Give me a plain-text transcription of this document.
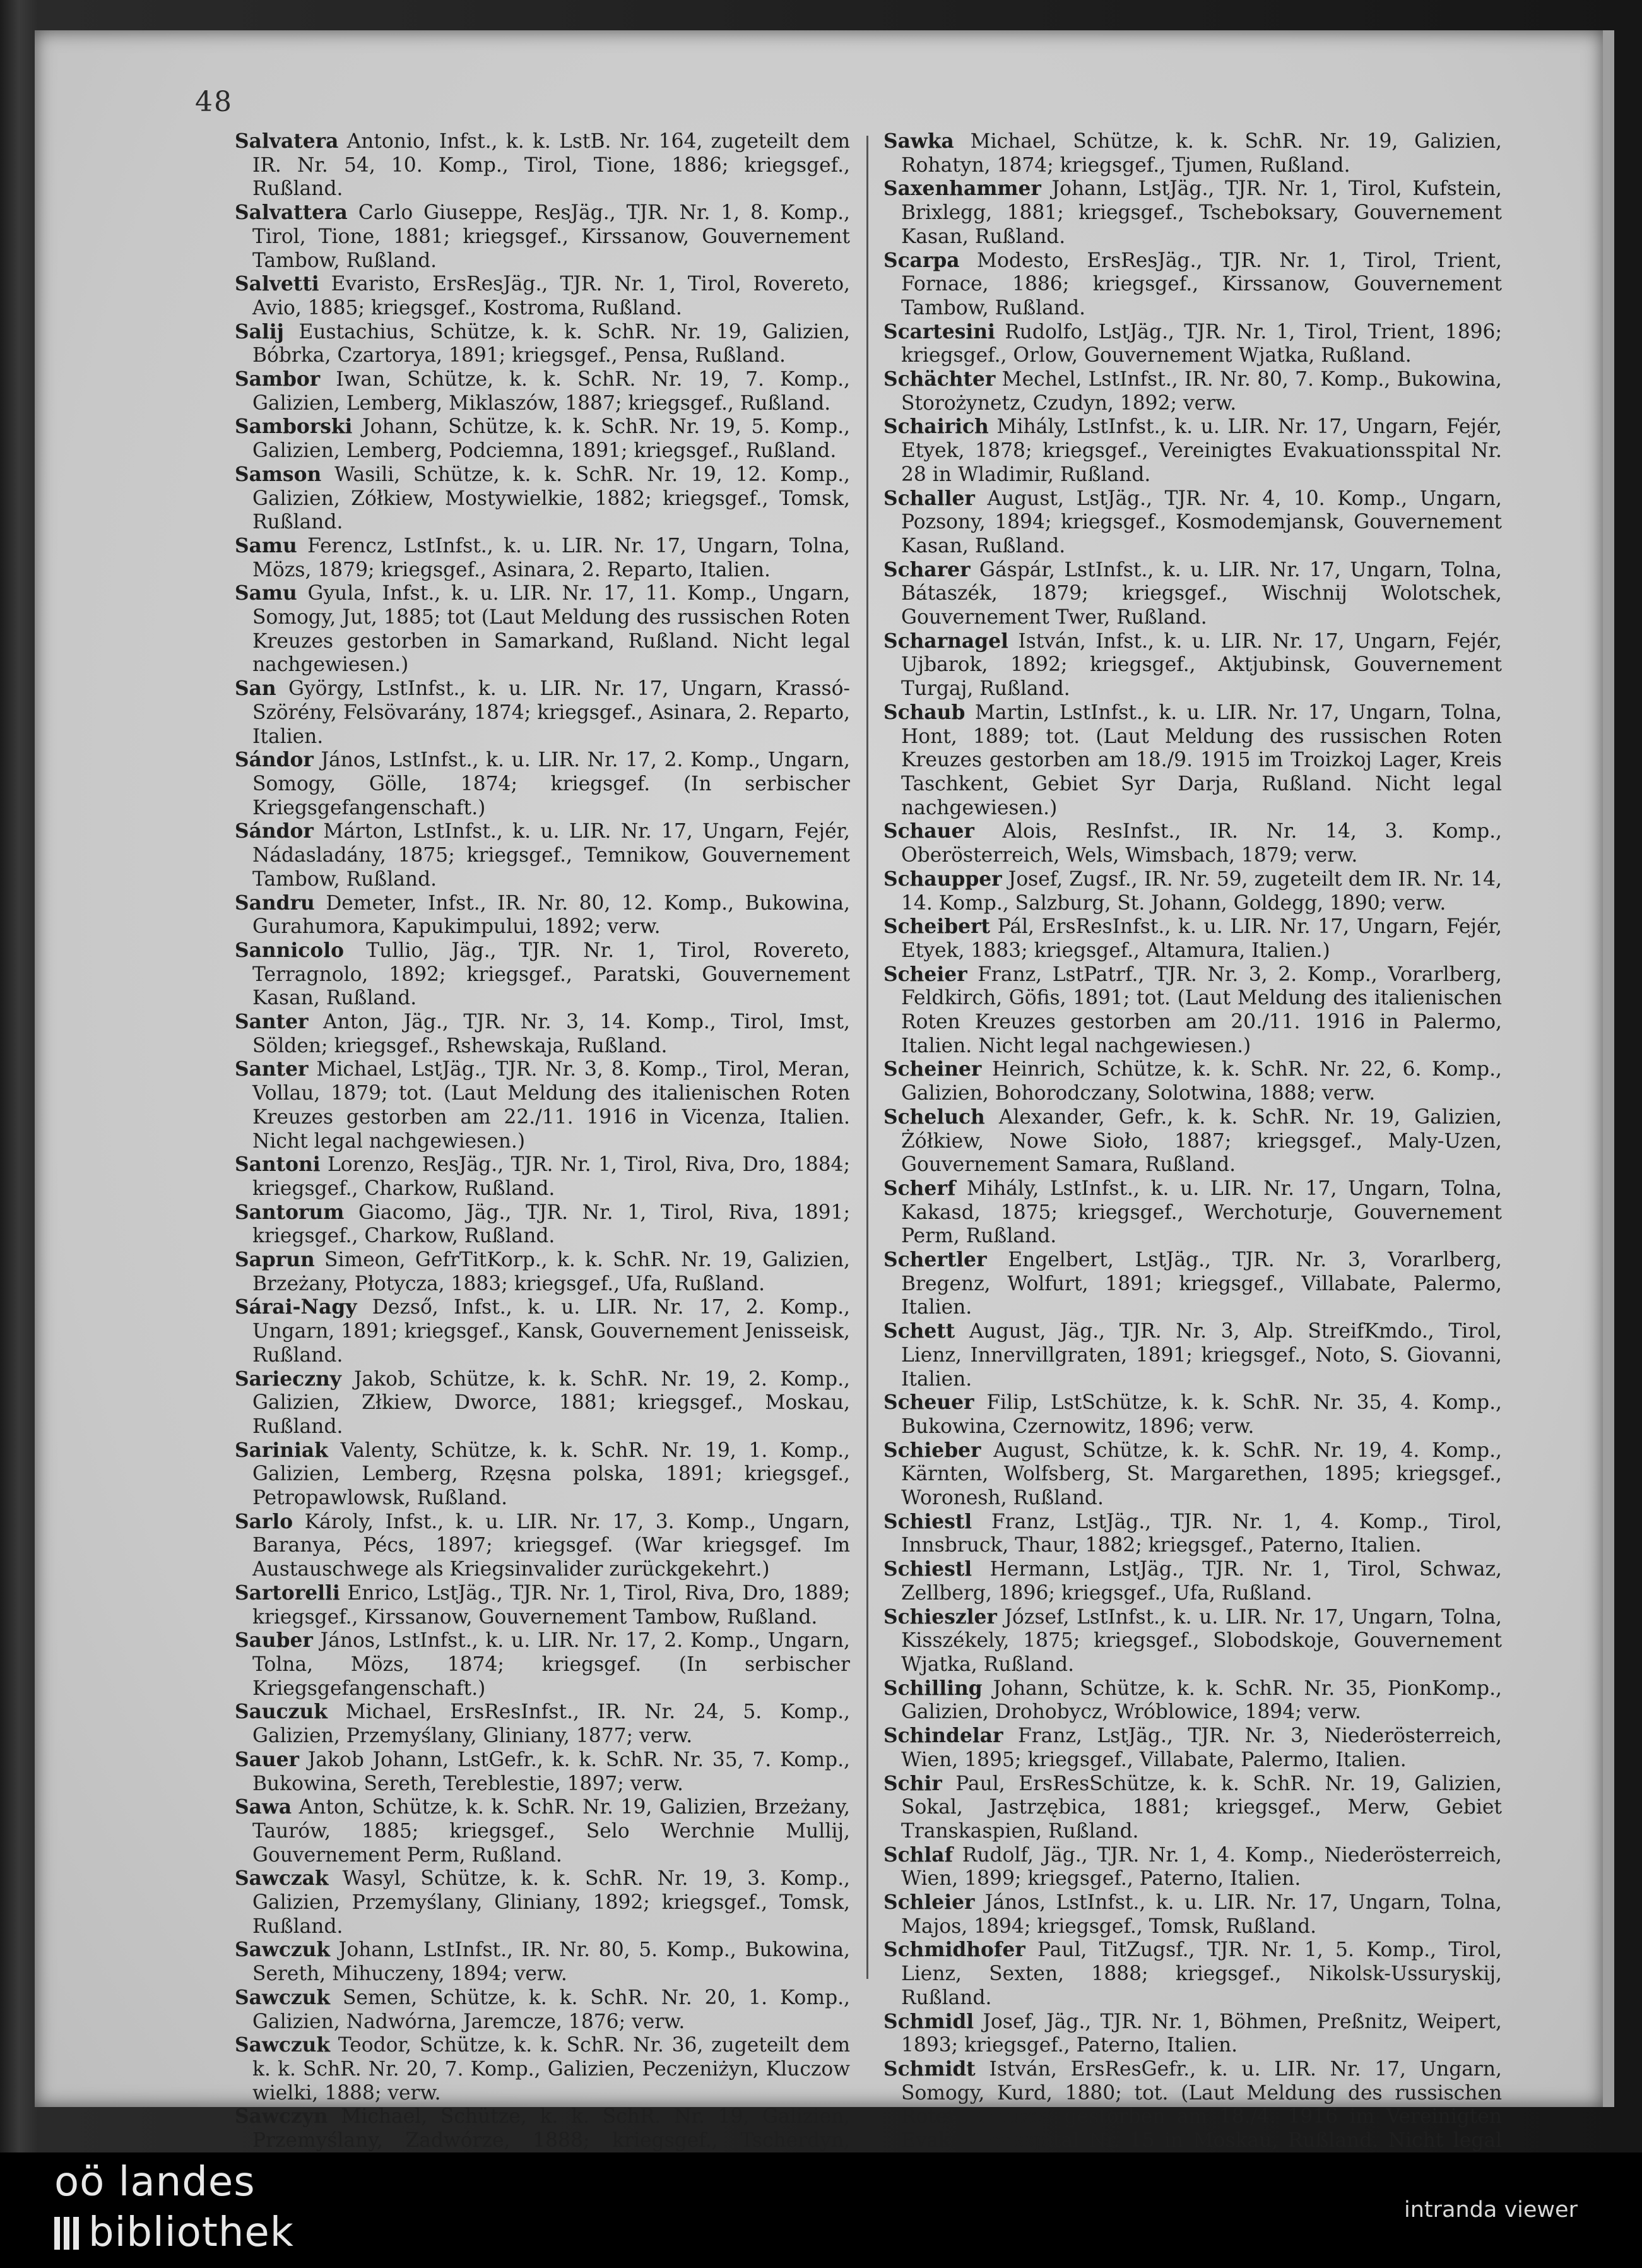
48

Salvatera Antonio, Infst., k. k. LstB. Nr. 164, zugeteilt dem IR. Nr. 54, 10. Komp., Tirol, Tione, 1886; kriegsgef., Rußland.

Salvattera Carlo Giuseppe, ResJäg., TJR. Nr. 1, 8. Komp., Tirol, Tione, 1881; kriegsgef., Kirssanow, Gouvernement Tambow, Rußland.

Salvetti Evaristo, ErsResJäg., TJR. Nr. 1, Tirol, Rovereto, Avio, 1885; kriegsgef., Kostroma, Rußland.

Salij Eustachius, Schütze, k. k. SchR. Nr. 19, Galizien, Bóbrka, Czartorya, 1891; kriegsgef., Pensa, Rußland.

Sambor Iwan, Schütze, k. k. SchR. Nr. 19, 7. Komp., Galizien, Lemberg, Miklaszów, 1887; kriegsgef., Rußland.

Samborski Johann, Schütze, k. k. SchR. Nr. 19, 5. Komp., Galizien, Lemberg, Podciemna, 1891; kriegsgef., Rußland.

Samson Wasili, Schütze, k. k. SchR. Nr. 19, 12. Komp., Galizien, Zółkiew, Mostywielkie, 1882; kriegsgef., Tomsk, Rußland.

Samu Ferencz, LstInfst., k. u. LIR. Nr. 17, Ungarn, Tolna, Mözs, 1879; kriegsgef., Asinara, 2. Reparto, Italien.

Samu Gyula, Infst., k. u. LIR. Nr. 17, 11. Komp., Ungarn, Somogy, Jut, 1885; tot (Laut Meldung des russischen Roten Kreuzes gestorben in Samarkand, Rußland. Nicht legal nachgewiesen.)

San György, LstInfst., k. u. LIR. Nr. 17, Ungarn, Krassó-Szörény, Felsövarány, 1874; kriegsgef., Asinara, 2. Reparto, Italien.

Sándor János, LstInfst., k. u. LIR. Nr. 17, 2. Komp., Ungarn, Somogy, Gölle, 1874; kriegsgef. (In serbischer Kriegsgefangenschaft.)

Sándor Márton, LstInfst., k. u. LIR. Nr. 17, Ungarn, Fejér, Nádasladány, 1875; kriegsgef., Temnikow, Gouvernement Tambow, Rußland.

Sandru Demeter, Infst., IR. Nr. 80, 12. Komp., Bukowina, Gurahumora, Kapukimpului, 1892; verw.

Sannicolo Tullio, Jäg., TJR. Nr. 1, Tirol, Rovereto, Terragnolo, 1892; kriegsgef., Paratski, Gouvernement Kasan, Rußland.

Santer Anton, Jäg., TJR. Nr. 3, 14. Komp., Tirol, Imst, Sölden; kriegsgef., Rshewskaja, Rußland.

Santer Michael, LstJäg., TJR. Nr. 3, 8. Komp., Tirol, Meran, Vollau, 1879; tot. (Laut Meldung des italienischen Roten Kreuzes gestorben am 22./11. 1916 in Vicenza, Italien. Nicht legal nachgewiesen.)

Santoni Lorenzo, ResJäg., TJR. Nr. 1, Tirol, Riva, Dro, 1884; kriegsgef., Charkow, Rußland.

Santorum Giacomo, Jäg., TJR. Nr. 1, Tirol, Riva, 1891; kriegsgef., Charkow, Rußland.

Saprun Simeon, GefrTitKorp., k. k. SchR. Nr. 19, Galizien, Brzeżany, Płotycza, 1883; kriegsgef., Ufa, Rußland.

Sárai-Nagy Dezső, Infst., k. u. LIR. Nr. 17, 2. Komp., Ungarn, 1891; kriegsgef., Kansk, Gouvernement Jenisseisk, Rußland.

Sarieczny Jakob, Schütze, k. k. SchR. Nr. 19, 2. Komp., Galizien, Złkiew, Dworce, 1881; kriegsgef., Moskau, Rußland.

Sariniak Valenty, Schütze, k. k. SchR. Nr. 19, 1. Komp., Galizien, Lemberg, Rzęsna polska, 1891; kriegsgef., Petropawlowsk, Rußland.

Sarlo Károly, Infst., k. u. LIR. Nr. 17, 3. Komp., Ungarn, Baranya, Pécs, 1897; kriegsgef. (War kriegsgef. Im Austauschwege als Kriegsinvalider zurückgekehrt.)

Sartorelli Enrico, LstJäg., TJR. Nr. 1, Tirol, Riva, Dro, 1889; kriegsgef., Kirssanow, Gouvernement Tambow, Rußland.

Sauber János, LstInfst., k. u. LIR. Nr. 17, 2. Komp., Ungarn, Tolna, Mözs, 1874; kriegsgef. (In serbischer Kriegsgefangenschaft.)

Sauczuk Michael, ErsResInfst., IR. Nr. 24, 5. Komp., Galizien, Przemyślany, Gliniany, 1877; verw.

Sauer Jakob Johann, LstGefr., k. k. SchR. Nr. 35, 7. Komp., Bukowina, Sereth, Tereblestie, 1897; verw.

Sawa Anton, Schütze, k. k. SchR. Nr. 19, Galizien, Brzeżany, Taurów, 1885; kriegsgef., Selo Werchnie Mullij, Gouvernement Perm, Rußland.

Sawczak Wasyl, Schütze, k. k. SchR. Nr. 19, 3. Komp., Galizien, Przemyślany, Gliniany, 1892; kriegsgef., Tomsk, Rußland.

Sawczuk Johann, LstInfst., IR. Nr. 80, 5. Komp., Bukowina, Sereth, Mihuczeny, 1894; verw.

Sawczuk Semen, Schütze, k. k. SchR. Nr. 20, 1. Komp., Galizien, Nadwórna, Jaremcze, 1876; verw.

Sawczuk Teodor, Schütze, k. k. SchR. Nr. 36, zugeteilt dem k. k. SchR. Nr. 20, 7. Komp., Galizien, Peczeniżyn, Kluczow wielki, 1888; verw.

Sawczyn Michael, Schütze, k. k. SchR. Nr. 19, Galizien, Przemyślany, Zadwórze, 1888; kriegsgef., Tscherdyn,

Sawka Michael, Schütze, k. k. SchR. Nr. 19, Galizien, Rohatyn, 1874; kriegsgef., Tjumen, Rußland.

Saxenhammer Johann, LstJäg., TJR. Nr. 1, Tirol, Kufstein, Brixlegg, 1881; kriegsgef., Tscheboksary, Gouvernement Kasan, Rußland.

Scarpa Modesto, ErsResJäg., TJR. Nr. 1, Tirol, Trient, Fornace, 1886; kriegsgef., Kirssanow, Gouvernement Tambow, Rußland.

Scartesini Rudolfo, LstJäg., TJR. Nr. 1, Tirol, Trient, 1896; kriegsgef., Orlow, Gouvernement Wjatka, Rußland.

Schächter Mechel, LstInfst., IR. Nr. 80, 7. Komp., Bukowina, Storożynetz, Czudyn, 1892; verw.

Schairich Mihály, LstInfst., k. u. LIR. Nr. 17, Ungarn, Fejér, Etyek, 1878; kriegsgef., Vereinigtes Evakuationsspital Nr. 28 in Wladimir, Rußland.

Schaller August, LstJäg., TJR. Nr. 4, 10. Komp., Ungarn, Pozsony, 1894; kriegsgef., Kosmodemjansk, Gouvernement Kasan, Rußland.

Scharer Gáspár, LstInfst., k. u. LIR. Nr. 17, Ungarn, Tolna, Bátaszék, 1879; kriegsgef., Wischnij Wolotschek, Gouvernement Twer, Rußland.

Scharnagel István, Infst., k. u. LIR. Nr. 17, Ungarn, Fejér, Ujbarok, 1892; kriegsgef., Aktjubinsk, Gouvernement Turgaj, Rußland.

Schaub Martin, LstInfst., k. u. LIR. Nr. 17, Ungarn, Tolna, Hont, 1889; tot. (Laut Meldung des russischen Roten Kreuzes gestorben am 18./9. 1915 im Troizkoj Lager, Kreis Taschkent, Gebiet Syr Darja, Rußland. Nicht legal nachgewiesen.)

Schauer Alois, ResInfst., IR. Nr. 14, 3. Komp., Oberösterreich, Wels, Wimsbach, 1879; verw.

Schaupper Josef, Zugsf., IR. Nr. 59, zugeteilt dem IR. Nr. 14, 14. Komp., Salzburg, St. Johann, Goldegg, 1890; verw.

Scheibert Pál, ErsResInfst., k. u. LIR. Nr. 17, Ungarn, Fejér, Etyek, 1883; kriegsgef., Altamura, Italien.)

Scheier Franz, LstPatrf., TJR. Nr. 3, 2. Komp., Vorarlberg, Feldkirch, Göfis, 1891; tot. (Laut Meldung des italienischen Roten Kreuzes gestorben am 20./11. 1916 in Palermo, Italien. Nicht legal nachgewiesen.)

Scheiner Heinrich, Schütze, k. k. SchR. Nr. 22, 6. Komp., Galizien, Bohorodczany, Solotwina, 1888; verw.

Scheluch Alexander, Gefr., k. k. SchR. Nr. 19, Galizien, Żółkiew, Nowe Sioło, 1887; kriegsgef., Maly-Uzen, Gouvernement Samara, Rußland.

Scherf Mihály, LstInfst., k. u. LIR. Nr. 17, Ungarn, Tolna, Kakasd, 1875; kriegsgef., Werchoturje, Gouvernement Perm, Rußland.

Schertler Engelbert, LstJäg., TJR. Nr. 3, Vorarlberg, Bregenz, Wolfurt, 1891; kriegsgef., Villabate, Palermo, Italien.

Schett August, Jäg., TJR. Nr. 3, Alp. StreifKmdo., Tirol, Lienz, Innervillgraten, 1891; kriegsgef., Noto, S. Giovanni, Italien.

Scheuer Filip, LstSchütze, k. k. SchR. Nr. 35, 4. Komp., Bukowina, Czernowitz, 1896; verw.

Schieber August, Schütze, k. k. SchR. Nr. 19, 4. Komp., Kärnten, Wolfsberg, St. Margarethen, 1895; kriegsgef., Woronesh, Rußland.

Schiestl Franz, LstJäg., TJR. Nr. 1, 4. Komp., Tirol, Innsbruck, Thaur, 1882; kriegsgef., Paterno, Italien.

Schiestl Hermann, LstJäg., TJR. Nr. 1, Tirol, Schwaz, Zellberg, 1896; kriegsgef., Ufa, Rußland.

Schieszler József, LstInfst., k. u. LIR. Nr. 17, Ungarn, Tolna, Kisszékely, 1875; kriegsgef., Slobodskoje, Gouvernement Wjatka, Rußland.

Schilling Johann, Schütze, k. k. SchR. Nr. 35, PionKomp., Galizien, Drohobycz, Wróblowice, 1894; verw.

Schindelar Franz, LstJäg., TJR. Nr. 3, Niederösterreich, Wien, 1895; kriegsgef., Villabate, Palermo, Italien.

Schir Paul, ErsResSchütze, k. k. SchR. Nr. 19, Galizien, Sokal, Jastrzębica, 1881; kriegsgef., Merw, Gebiet Transkaspien, Rußland.

Schlaf Rudolf, Jäg., TJR. Nr. 1, 4. Komp., Niederösterreich, Wien, 1899; kriegsgef., Paterno, Italien.

Schleier János, LstInfst., k. u. LIR. Nr. 17, Ungarn, Tolna, Majos, 1894; kriegsgef., Tomsk, Rußland.

Schmidhofer Paul, TitZugsf., TJR. Nr. 1, 5. Komp., Tirol, Lienz, Sexten, 1888; kriegsgef., Nikolsk-Ussuryskij, Rußland.

Schmidl Josef, Jäg., TJR. Nr. 1, Böhmen, Preßnitz, Weipert, 1893; kriegsgef., Paterno, Italien.

Schmidt István, ErsResGefr., k. u. LIR. Nr. 17, Ungarn, Somogy, Kurd, 1880; tot. (Laut Meldung des russischen Roten Kreuzes gestorben am 18./4. 1916 im Vereinigten Evakuationsspital Nr. 15 in Moskau, Rußland. Nicht legal

oö landes
bibliothek	intranda viewer
